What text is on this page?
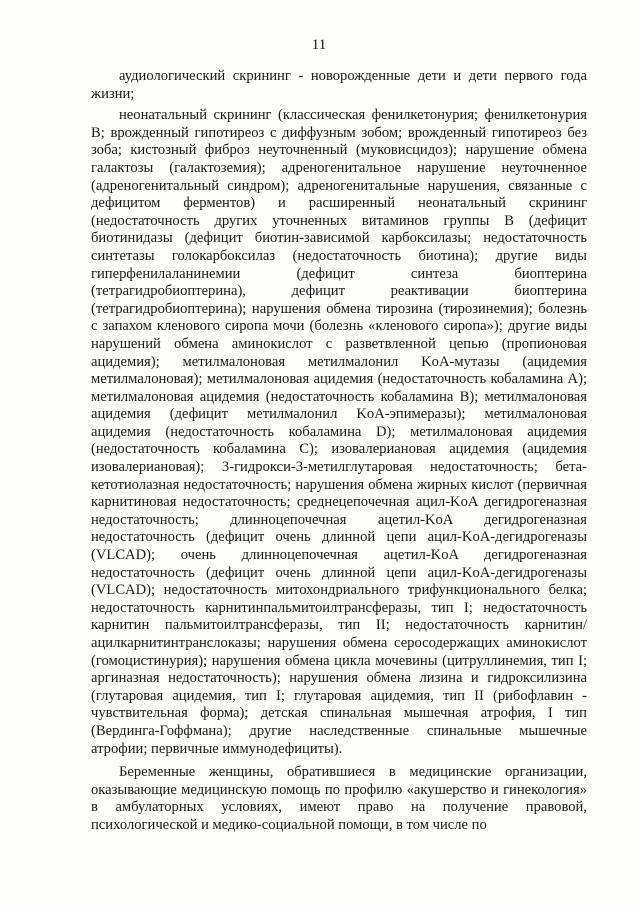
11

аудиологический скрининг - новорожденные дети и дети первого года жизни;

неонатальный скрининг (классическая фенилкетонурия; фенилкетонурия B; врожденный гипотиреоз с диффузным зобом; врожденный гипотиреоз без зоба; кистозный фиброз неуточненный (муковисцидоз); нарушение обмена галактозы (галактоземия); адреногенитальное нарушение неуточненное (адреногенитальный синдром); адреногенитальные нарушения, связанные с дефицитом ферментов) и расширенный неонатальный скрининг (недостаточность других уточненных витаминов группы B (дефицит биотинидазы (дефицит биотин-зависимой карбоксилазы; недостаточность синтетазы голокарбоксилаз (недостаточность биотина); другие виды гиперфенилаланинемии (дефицит синтеза биоптерина (тетрагидробиоптерина), дефицит реактивации биоптерина (тетрагидробиоптерина); нарушения обмена тирозина (тирозинемия); болезнь с запахом кленового сиропа мочи (болезнь «кленового сиропа»); другие виды нарушений обмена аминокислот с разветвленной цепью (пропионовая ацидемия); метилмалоновая метилмалонил KoA-мутазы (ацидемия метилмалоновая); метилмалоновая ацидемия (недостаточность кобаламина A); метилмалоновая ацидемия (недостаточность кобаламина B); метилмалоновая ацидемия (дефицит метилмалонил KoA-эпимеразы); метилмалоновая ацидемия (недостаточность кобаламина D); метилмалоновая ацидемия (недостаточность кобаламина C); изовалериановая ацидемия (ацидемия изовалериановая); 3-гидрокси-3-метилглутаровая недостаточность; бета-кетотиолазная недостаточность; нарушения обмена жирных кислот (первичная карнитиновая недостаточность; среднецепочечная ацил-KoA дегидрогеназная недостаточность; длинноцепочечная ацетил-KoA дегидрогеназная недостаточность (дефицит очень длинной цепи ацил-KoA-дегидрогеназы (VLCAD); очень длинноцепочечная ацетил-KoA дегидрогеназная недостаточность (дефицит очень длинной цепи ацил-KoA-дегидрогеназы (VLCAD); недостаточность митохондриального трифункционального белка; недостаточность карнитинпальмитоилтрансферазы, тип I; недостаточность карнитин пальмитоилтрансферазы, тип II; недостаточность карнитин/ацилкарнитинтранслоказы; нарушения обмена серосодержащих аминокислот (гомоцистинурия); нарушения обмена цикла мочевины (цитруллинемия, тип I; аргиназная недостаточность); нарушения обмена лизина и гидроксилизина (глутаровая ацидемия, тип I; глутаровая ацидемия, тип II (рибофлавин - чувствительная форма); детская спинальная мышечная атрофия, I тип (Вердинга-Гоффмана); другие наследственные спинальные мышечные атрофии; первичные иммунодефициты).

Беременные женщины, обратившиеся в медицинские организации, оказывающие медицинскую помощь по профилю «акушерство и гинекология» в амбулаторных условиях, имеют право на получение правовой, психологической и медико-социальной помощи, в том числе по
